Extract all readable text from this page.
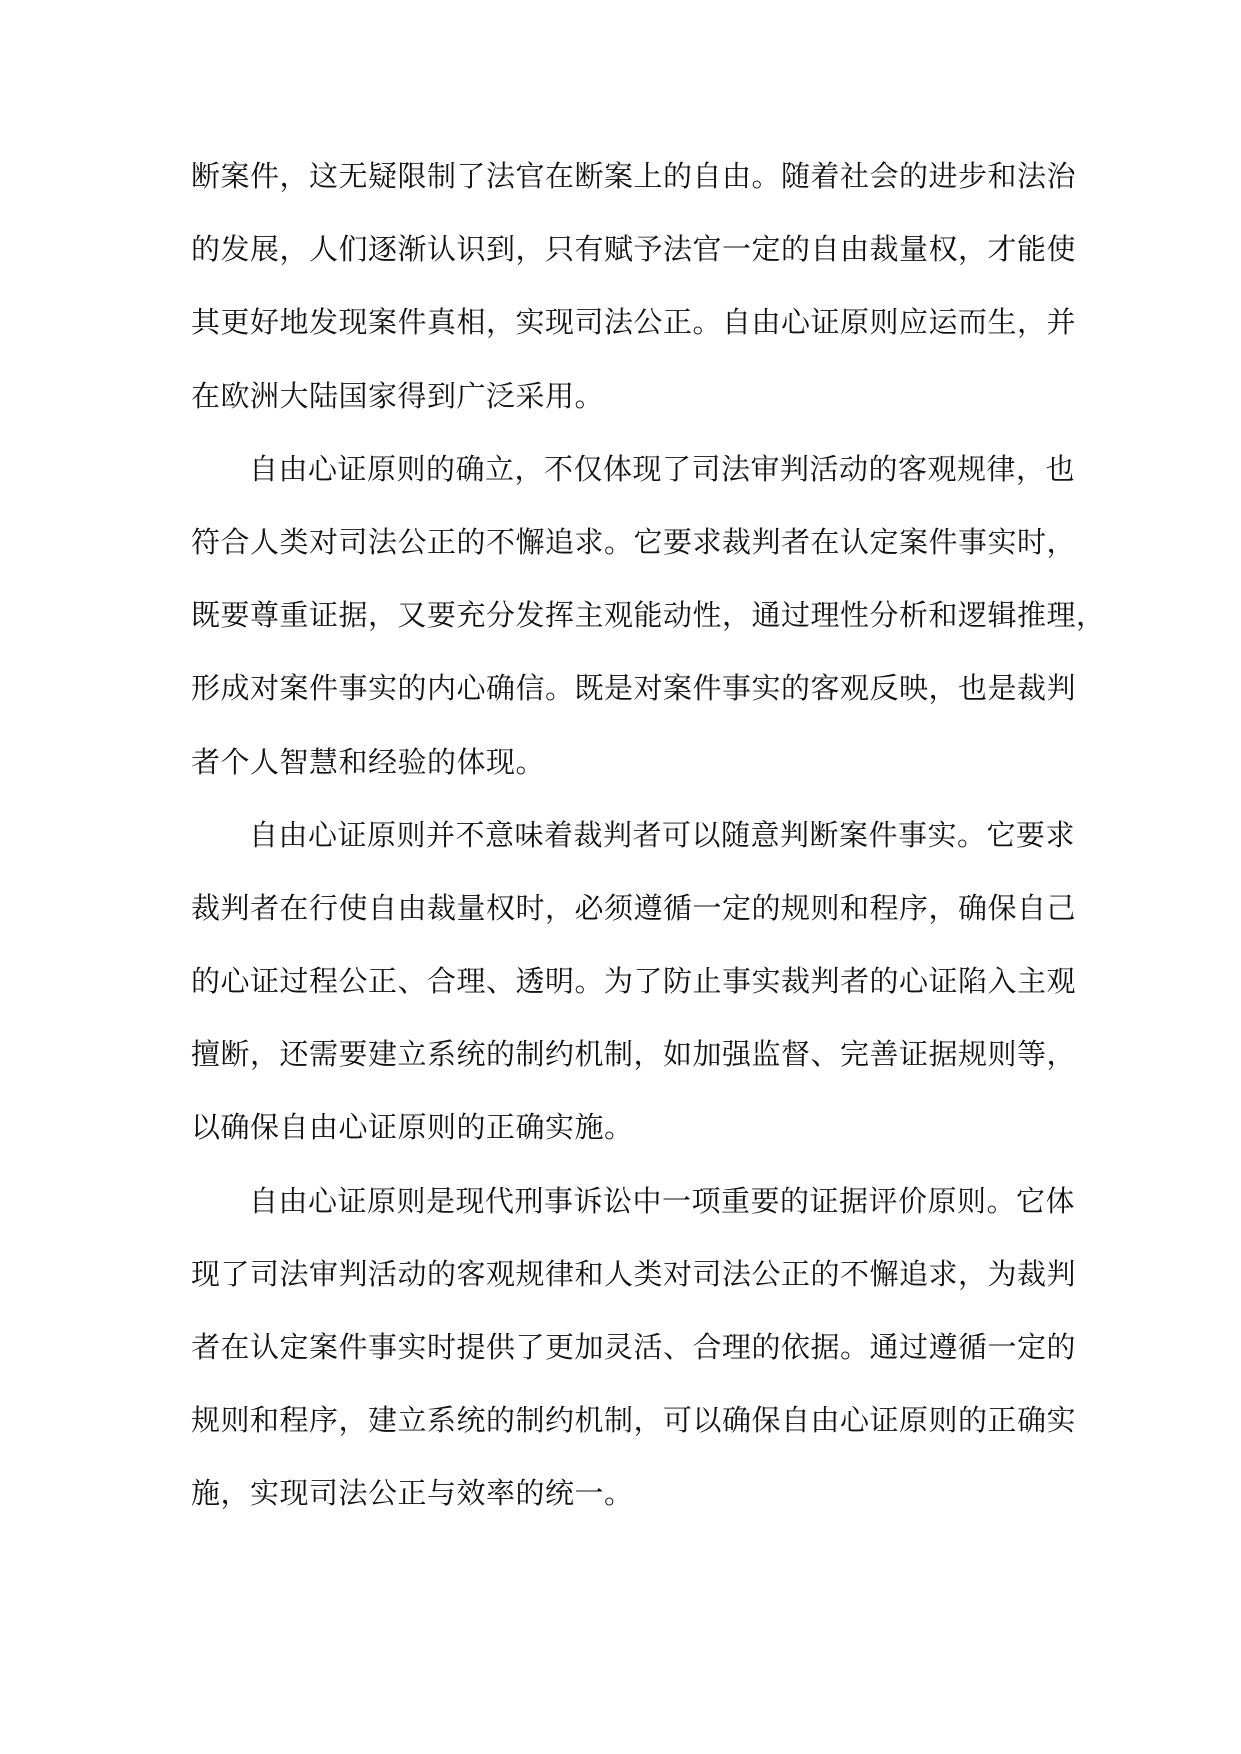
断案件，这无疑限制了法官在断案上的自由。随着社会的进步和法治
的发展，人们逐渐认识到，只有赋予法官一定的自由裁量权，才能使
其更好地发现案件真相，实现司法公正。自由心证原则应运而生，并
在欧洲大陆国家得到广泛采用。
自由心证原则的确立，不仅体现了司法审判活动的客观规律，也
符合人类对司法公正的不懈追求。它要求裁判者在认定案件事实时，
既要尊重证据，又要充分发挥主观能动性，通过理性分析和逻辑推理，
形成对案件事实的内心确信。既是对案件事实的客观反映，也是裁判
者个人智慧和经验的体现。
自由心证原则并不意味着裁判者可以随意判断案件事实。它要求
裁判者在行使自由裁量权时，必须遵循一定的规则和程序，确保自己
的心证过程公正、合理、透明。为了防止事实裁判者的心证陷入主观
擅断，还需要建立系统的制约机制，如加强监督、完善证据规则等，
以确保自由心证原则的正确实施。
自由心证原则是现代刑事诉讼中一项重要的证据评价原则。它体
现了司法审判活动的客观规律和人类对司法公正的不懈追求，为裁判
者在认定案件事实时提供了更加灵活、合理的依据。通过遵循一定的
规则和程序，建立系统的制约机制，可以确保自由心证原则的正确实
施，实现司法公正与效率的统一。
